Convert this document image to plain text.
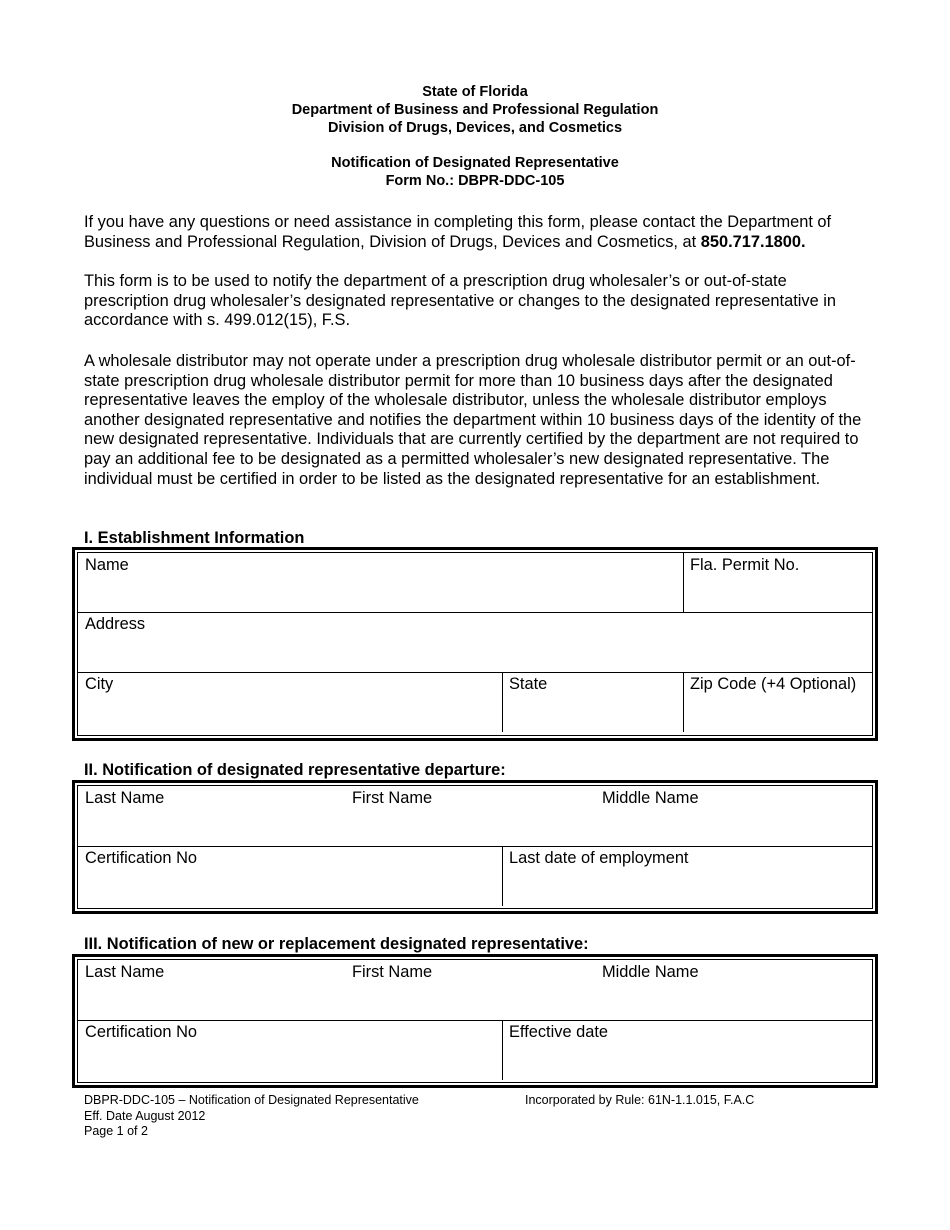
State of Florida
Department of Business and Professional Regulation
Division of Drugs, Devices, and Cosmetics
Notification of Designated Representative
Form No.: DBPR-DDC-105
If you have any questions or need assistance in completing this form, please contact the Department of Business and Professional Regulation, Division of Drugs, Devices and Cosmetics, at 850.717.1800.
This form is to be used to notify the department of a prescription drug wholesaler’s or out-of-state prescription drug wholesaler’s designated representative or changes to the designated representative in accordance with s. 499.012(15), F.S.
A wholesale distributor may not operate under a prescription drug wholesale distributor permit or an out-of-state prescription drug wholesale distributor permit for more than 10 business days after the designated representative leaves the employ of the wholesale distributor, unless the wholesale distributor employs another designated representative and notifies the department within 10 business days of the identity of the new designated representative. Individuals that are currently certified by the department are not required to pay an additional fee to be designated as a permitted wholesaler’s new designated representative. The individual must be certified in order to be listed as the designated representative for an establishment.
I. Establishment Information
Name	Fla. Permit No.
Address
City	State	Zip Code (+4 Optional)
II. Notification of designated representative departure:
Last Name	First Name	Middle Name
Certification No	Last date of employment
III. Notification of new or replacement designated representative:
Last Name	First Name	Middle Name
Certification No	Effective date
DBPR-DDC-105 – Notification of Designated Representative
Eff. Date August 2012
Page 1 of 2
Incorporated by Rule: 61N-1.1.015, F.A.C
